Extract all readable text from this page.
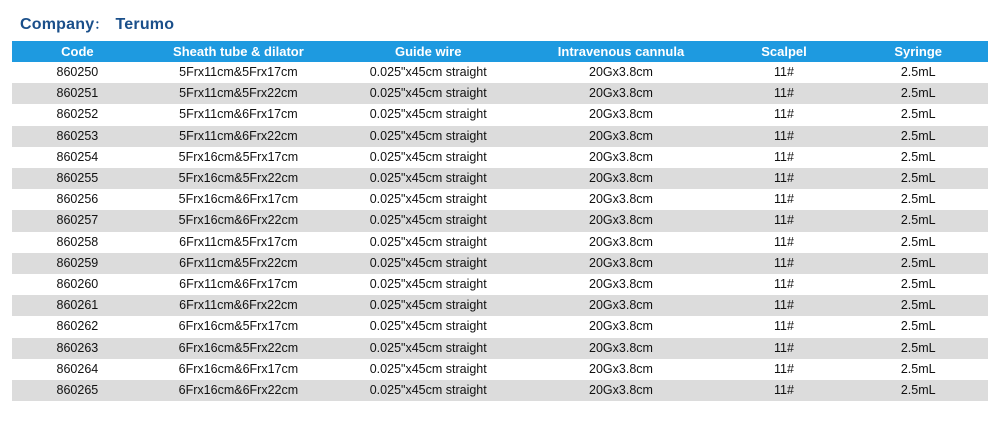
Company： Terumo
Code	Sheath tube & dilator	Guide wire	Intravenous cannula	Scalpel	Syringe
860250	5Frx11cm&5Frx17cm	0.025"x45cm straight	20Gx3.8cm	11#	2.5mL
860251	5Frx11cm&5Frx22cm	0.025"x45cm straight	20Gx3.8cm	11#	2.5mL
860252	5Frx11cm&6Frx17cm	0.025"x45cm straight	20Gx3.8cm	11#	2.5mL
860253	5Frx11cm&6Frx22cm	0.025"x45cm straight	20Gx3.8cm	11#	2.5mL
860254	5Frx16cm&5Frx17cm	0.025"x45cm straight	20Gx3.8cm	11#	2.5mL
860255	5Frx16cm&5Frx22cm	0.025"x45cm straight	20Gx3.8cm	11#	2.5mL
860256	5Frx16cm&6Frx17cm	0.025"x45cm straight	20Gx3.8cm	11#	2.5mL
860257	5Frx16cm&6Frx22cm	0.025"x45cm straight	20Gx3.8cm	11#	2.5mL
860258	6Frx11cm&5Frx17cm	0.025"x45cm straight	20Gx3.8cm	11#	2.5mL
860259	6Frx11cm&5Frx22cm	0.025"x45cm straight	20Gx3.8cm	11#	2.5mL
860260	6Frx11cm&6Frx17cm	0.025"x45cm straight	20Gx3.8cm	11#	2.5mL
860261	6Frx11cm&6Frx22cm	0.025"x45cm straight	20Gx3.8cm	11#	2.5mL
860262	6Frx16cm&5Frx17cm	0.025"x45cm straight	20Gx3.8cm	11#	2.5mL
860263	6Frx16cm&5Frx22cm	0.025"x45cm straight	20Gx3.8cm	11#	2.5mL
860264	6Frx16cm&6Frx17cm	0.025"x45cm straight	20Gx3.8cm	11#	2.5mL
860265	6Frx16cm&6Frx22cm	0.025"x45cm straight	20Gx3.8cm	11#	2.5mL
